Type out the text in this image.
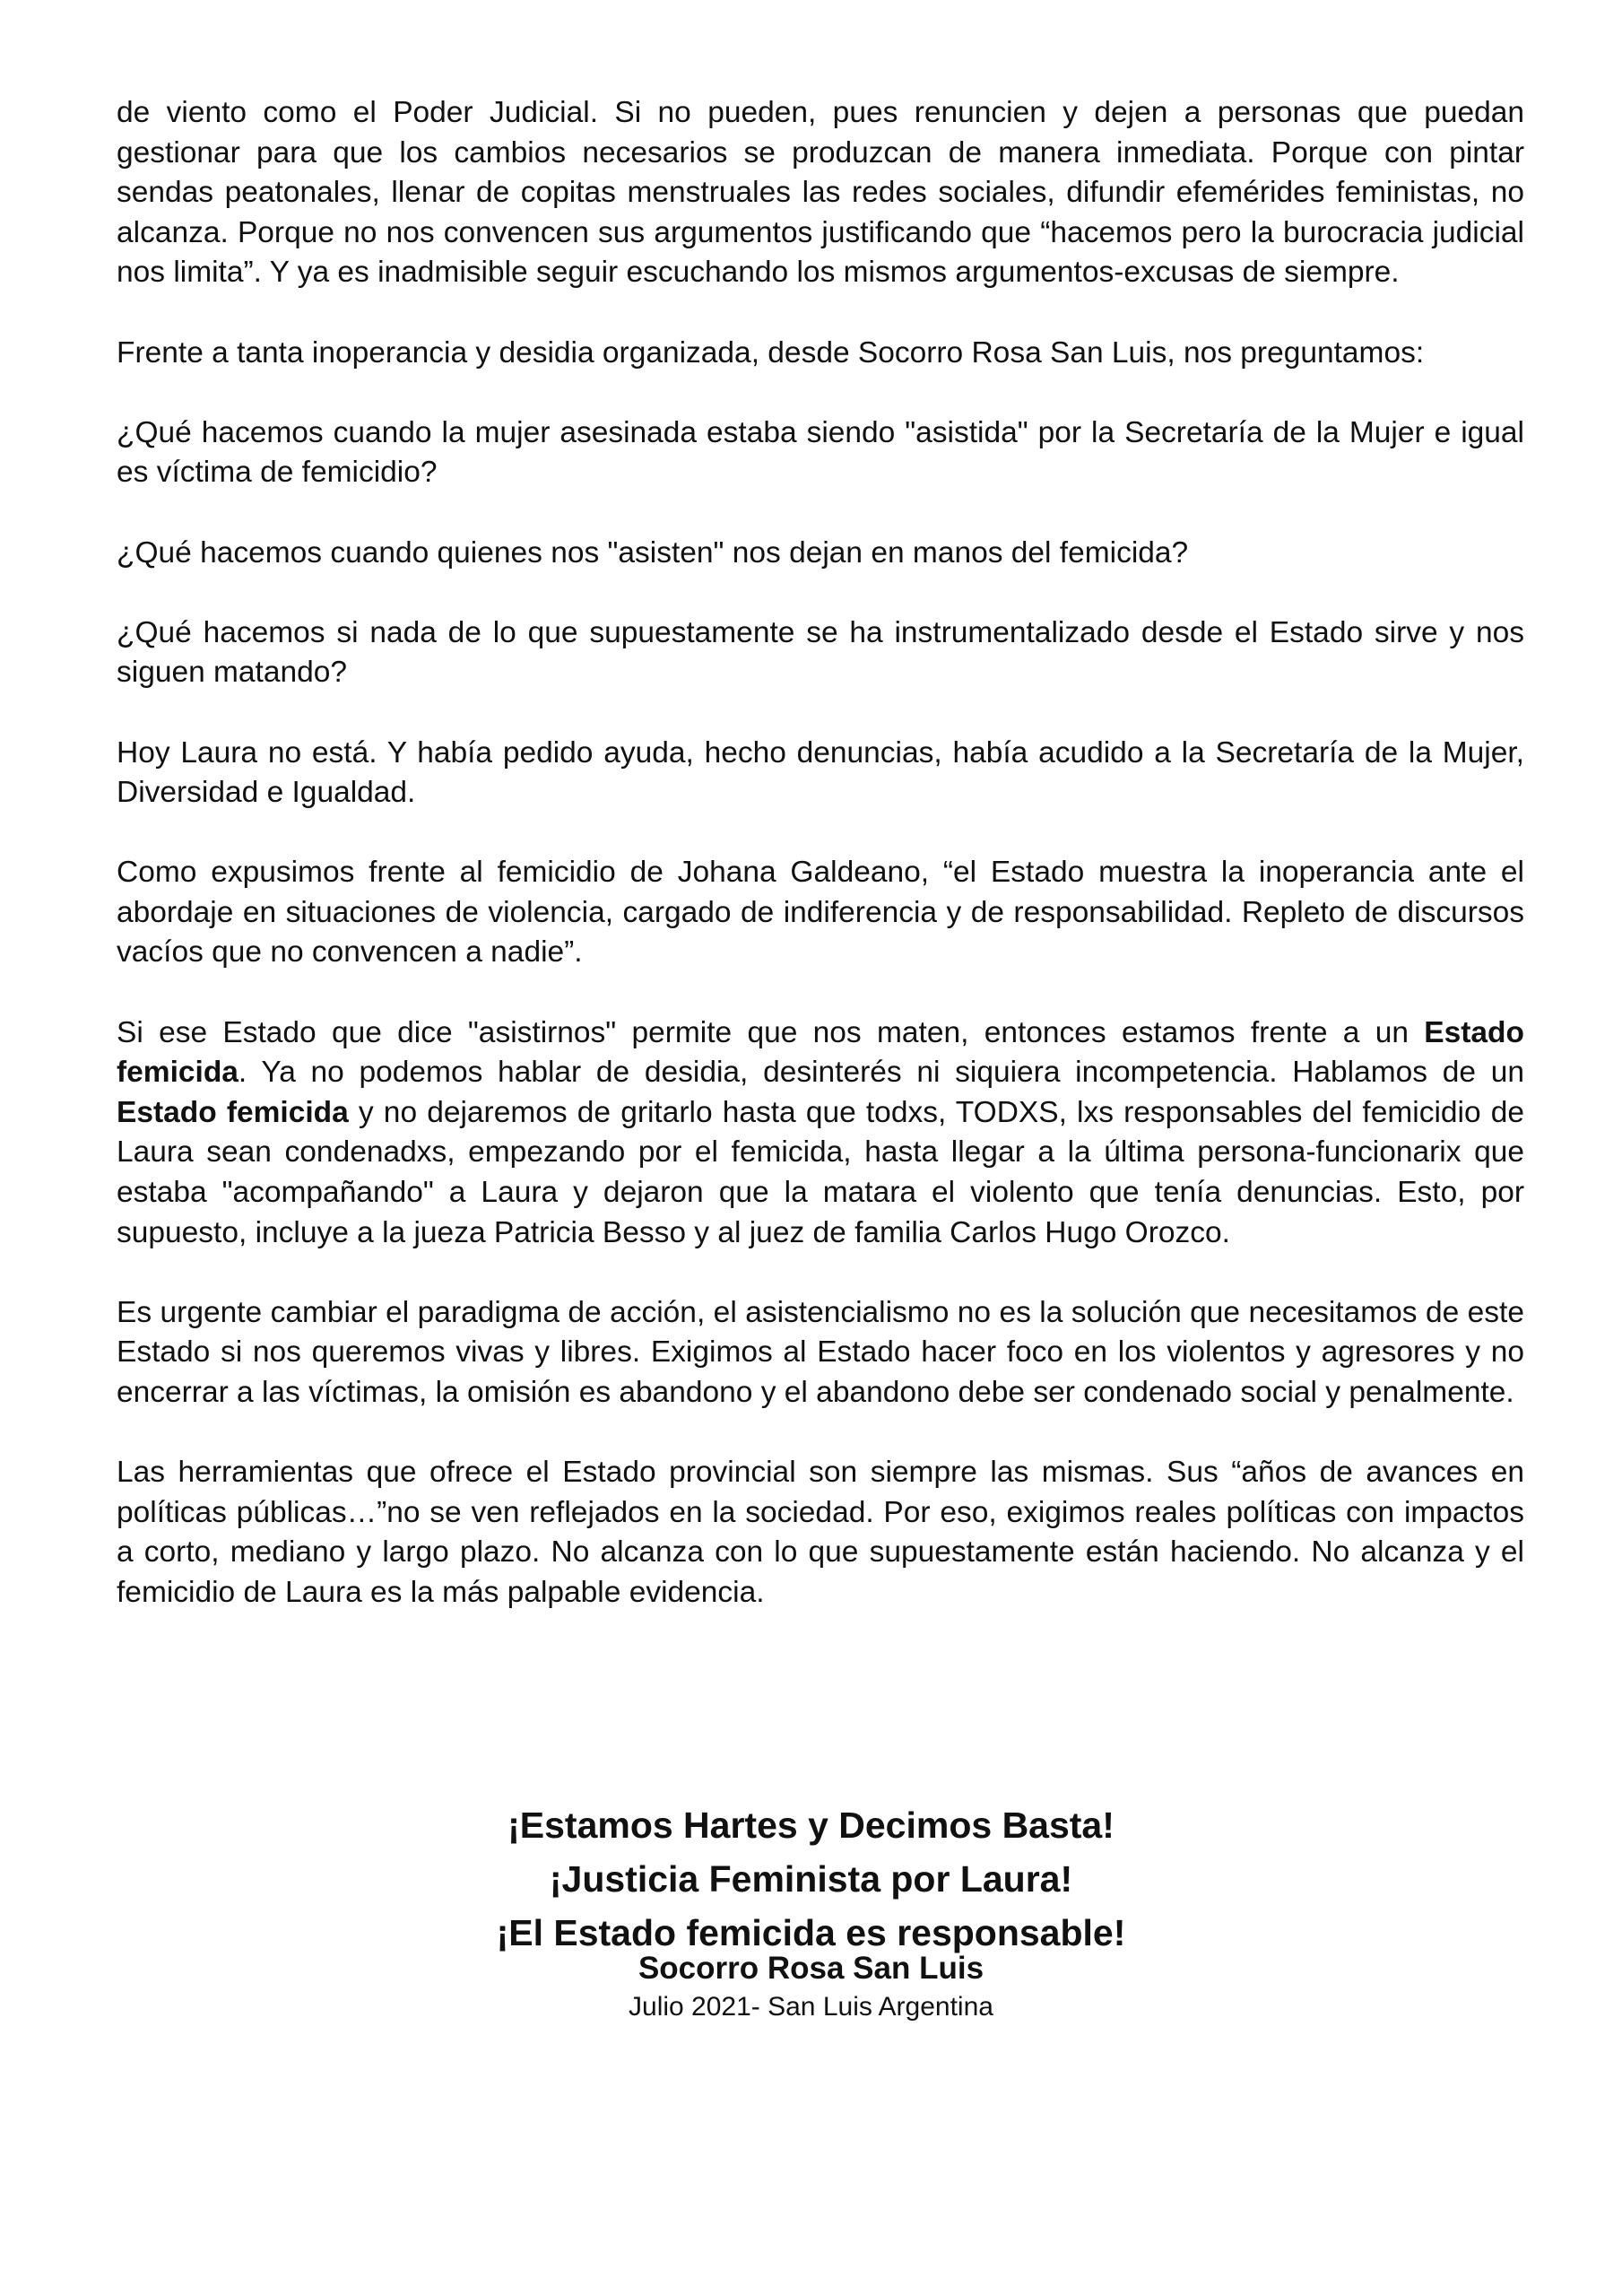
de viento como el Poder Judicial. Si no pueden, pues renuncien y dejen a personas que puedan gestionar para que los cambios necesarios se produzcan de manera inmediata. Porque con pintar sendas peatonales, llenar de copitas menstruales las redes sociales, difundir efemérides feministas, no alcanza. Porque no nos convencen sus argumentos justificando que “hacemos pero la burocracia judicial nos limita”. Y ya es inadmisible seguir escuchando los mismos argumentos-excusas de siempre.

Frente a tanta inoperancia y desidia organizada, desde Socorro Rosa San Luis, nos preguntamos:

¿Qué hacemos cuando la mujer asesinada estaba siendo "asistida" por la Secretaría de la Mujer e igual es víctima de femicidio?

¿Qué hacemos cuando quienes nos "asisten" nos dejan en manos del femicida?

¿Qué hacemos si nada de lo que supuestamente se ha instrumentalizado desde el Estado sirve y nos siguen matando?

Hoy Laura no está. Y había pedido ayuda, hecho denuncias, había acudido a la Secretaría de la Mujer, Diversidad e Igualdad.

Como expusimos frente al femicidio de Johana Galdeano, “el Estado muestra la inoperancia ante el abordaje en situaciones de violencia, cargado de indiferencia y de responsabilidad. Repleto de discursos vacíos que no convencen a nadie”.

Si ese Estado que dice "asistirnos" permite que nos maten, entonces estamos frente a un Estado femicida. Ya no podemos hablar de desidia, desinterés ni siquiera incompetencia. Hablamos de un Estado femicida y no dejaremos de gritarlo hasta que todxs, TODXS, lxs responsables del femicidio de Laura sean condenadxs, empezando por el femicida, hasta llegar a la última persona-funcionarix que estaba "acompañando" a Laura y dejaron que la matara el violento que tenía denuncias. Esto, por supuesto, incluye a la jueza Patricia Besso y al juez de familia Carlos Hugo Orozco.

Es urgente cambiar el paradigma de acción, el asistencialismo no es la solución que necesitamos de este Estado si nos queremos vivas y libres. Exigimos al Estado hacer foco en los violentos y agresores y no encerrar a las víctimas, la omisión es abandono y el abandono debe ser condenado social y penalmente.

Las herramientas que ofrece el Estado provincial son siempre las mismas. Sus “años de avances en políticas públicas…”no se ven reflejados en la sociedad. Por eso, exigimos reales políticas con impactos a corto, mediano y largo plazo. No alcanza con lo que supuestamente están haciendo. No alcanza y el femicidio de Laura es la más palpable evidencia.

¡Estamos Hartes y Decimos Basta!
¡Justicia Feminista por Laura!
¡El Estado femicida es responsable!
Socorro Rosa San Luis
Julio 2021- San Luis Argentina
